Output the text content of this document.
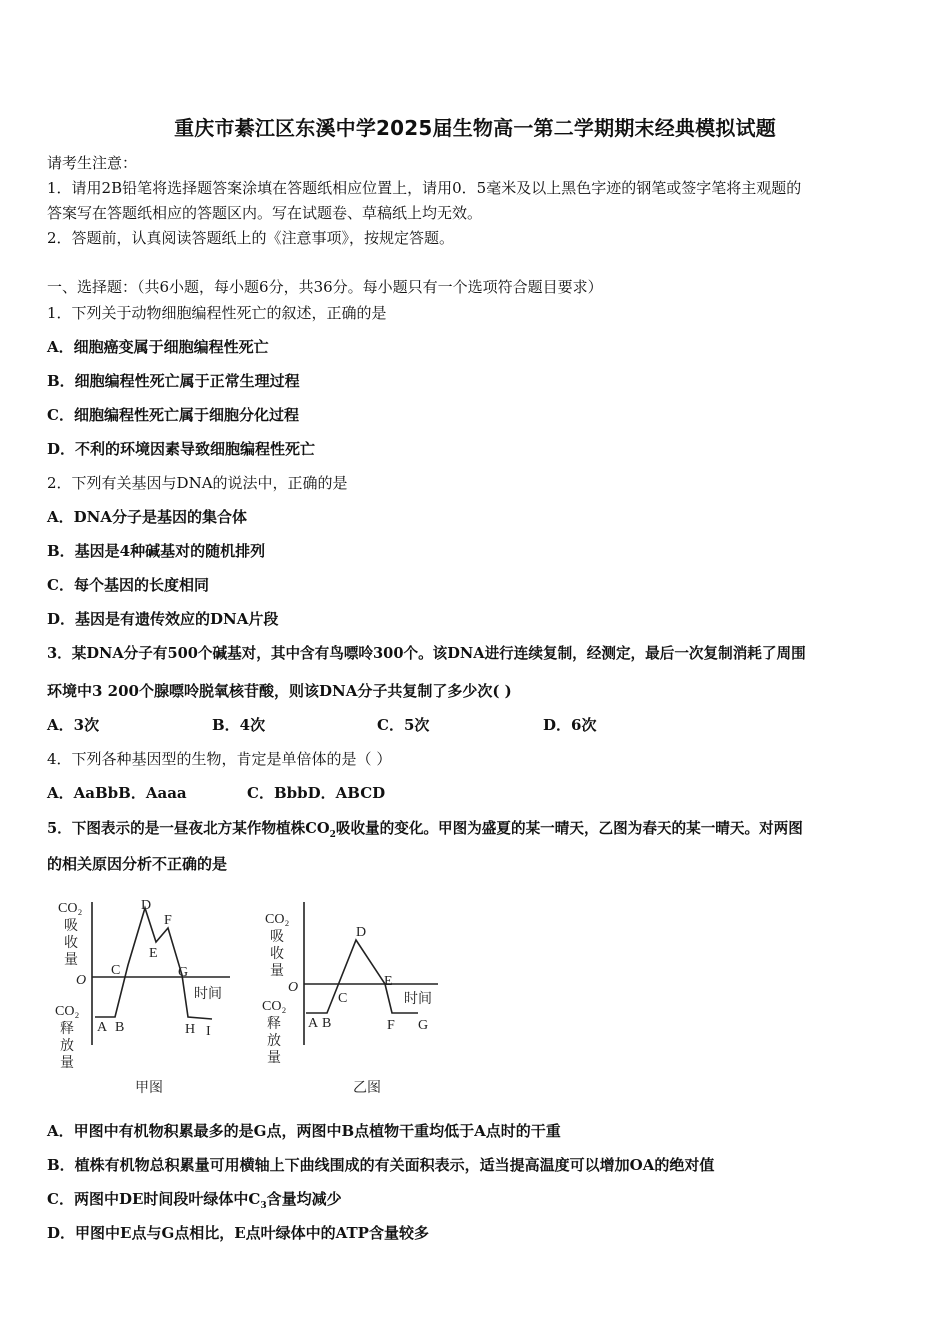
重庆市綦江区东溪中学2025届生物高一第二学期期末经典模拟试题
请考生注意：
1．请用2B铅笔将选择题答案涂填在答题纸相应位置上，请用0．5毫米及以上黑色字迹的钢笔或签字笔将主观题的
答案写在答题纸相应的答题区内。写在试题卷、草稿纸上均无效。
2．答题前，认真阅读答题纸上的《注意事项》，按规定答题。
一、选择题：（共6小题，每小题6分，共36分。每小题只有一个选项符合题目要求）
1．下列关于动物细胞编程性死亡的叙述，正确的是
A．细胞癌变属于细胞编程性死亡
B．细胞编程性死亡属于正常生理过程
C．细胞编程性死亡属于细胞分化过程
D．不利的环境因素导致细胞编程性死亡
2．下列有关基因与DNA的说法中，正确的是
A．DNA分子是基因的集合体
B．基因是4种碱基对的随机排列
C．每个基因的长度相同
D．基因是有遗传效应的DNA片段
3．某DNA分子有500个碱基对，其中含有鸟嘌呤300个。该DNA进行连续复制，经测定，最后一次复制消耗了周围
环境中3 200个腺嘌呤脱氧核苷酸，则该DNA分子共复制了多少次( )
A．3次	B．4次	C．5次	D．6次
4．下列各种基因型的生物，肯定是单倍体的是（ ）
A．AaBbB．Aaaa	C．BbbD．ABCD
5．下图表示的是一昼夜北方某作物植株$CO_2$吸收量的变化。甲图为盛夏的某一晴天，乙图为春天的某一晴天。对两图
的相关原因分析不正确的是
CO₂
吸
收
量
CO₂
释
放
量
O
时间
A B
C
D
E
F
G
H I
甲图
CO₂
吸
收
量
CO₂
释
放
量
O
时间
A B
C
D
E
F G
乙图
A．甲图中有机物积累最多的是G点，两图中B点植物干重均低于A点时的干重
B．植株有机物总积累量可用横轴上下曲线围成的有关面积表示，适当提高温度可以增加OA的绝对值
C．两图中DE时间段叶绿体中$C_3$含量均减少
D．甲图中E点与G点相比，E点叶绿体中的ATP含量较多
